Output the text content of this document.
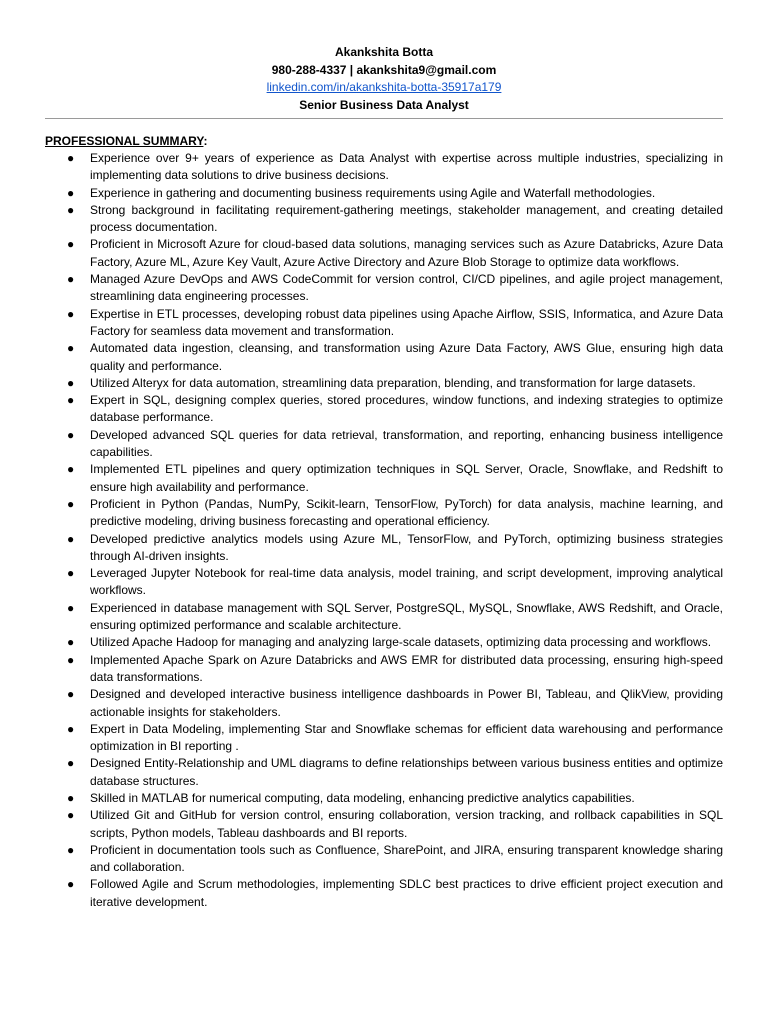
Akankshita Botta
980-288-4337 | akankshita9@gmail.com
linkedin.com/in/akankshita-botta-35917a179
Senior Business Data Analyst
PROFESSIONAL SUMMARY:
● Experience over 9+ years of experience as Data Analyst with expertise across multiple industries, specializing in implementing data solutions to drive business decisions.
● Experience in gathering and documenting business requirements using Agile and Waterfall methodologies.
● Strong background in facilitating requirement-gathering meetings, stakeholder management, and creating detailed process documentation.
● Proficient in Microsoft Azure for cloud-based data solutions, managing services such as Azure Databricks, Azure Data Factory, Azure ML, Azure Key Vault, Azure Active Directory and Azure Blob Storage to optimize data workflows.
● Managed Azure DevOps and AWS CodeCommit for version control, CI/CD pipelines, and agile project management, streamlining data engineering processes.
● Expertise in ETL processes, developing robust data pipelines using Apache Airflow, SSIS, Informatica, and Azure Data Factory for seamless data movement and transformation.
● Automated data ingestion, cleansing, and transformation using Azure Data Factory, AWS Glue, ensuring high data quality and performance.
● Utilized Alteryx for data automation, streamlining data preparation, blending, and transformation for large datasets.
● Expert in SQL, designing complex queries, stored procedures, window functions, and indexing strategies to optimize database performance.
● Developed advanced SQL queries for data retrieval, transformation, and reporting, enhancing business intelligence capabilities.
● Implemented ETL pipelines and query optimization techniques in SQL Server, Oracle, Snowflake, and Redshift to ensure high availability and performance.
● Proficient in Python (Pandas, NumPy, Scikit-learn, TensorFlow, PyTorch) for data analysis, machine learning, and predictive modeling, driving business forecasting and operational efficiency.
● Developed predictive analytics models using Azure ML, TensorFlow, and PyTorch, optimizing business strategies through AI-driven insights.
● Leveraged Jupyter Notebook for real-time data analysis, model training, and script development, improving analytical workflows.
● Experienced in database management with SQL Server, PostgreSQL, MySQL, Snowflake, AWS Redshift, and Oracle, ensuring optimized performance and scalable architecture.
● Utilized Apache Hadoop for managing and analyzing large-scale datasets, optimizing data processing and workflows.
● Implemented Apache Spark on Azure Databricks and AWS EMR for distributed data processing, ensuring high-speed data transformations.
● Designed and developed interactive business intelligence dashboards in Power BI, Tableau, and QlikView, providing actionable insights for stakeholders.
● Expert in Data Modeling, implementing Star and Snowflake schemas for efficient data warehousing and performance optimization in BI reporting .
● Designed Entity-Relationship and UML diagrams to define relationships between various business entities and optimize database structures.
● Skilled in MATLAB for numerical computing, data modeling, enhancing predictive analytics capabilities.
● Utilized Git and GitHub for version control, ensuring collaboration, version tracking, and rollback capabilities in SQL scripts, Python models, Tableau dashboards and BI reports.
● Proficient in documentation tools such as Confluence, SharePoint, and JIRA, ensuring transparent knowledge sharing and collaboration.
● Followed Agile and Scrum methodologies, implementing SDLC best practices to drive efficient project execution and iterative development.
